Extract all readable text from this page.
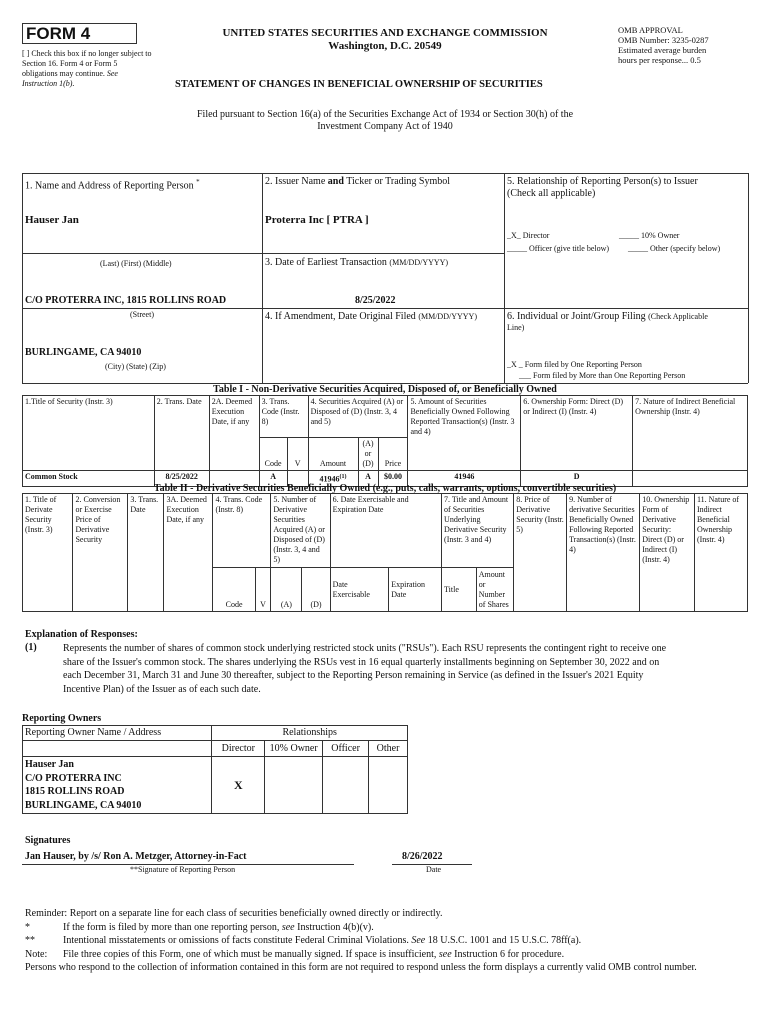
FORM 4
[ ] Check this box if no longer subject to Section 16. Form 4 or Form 5 obligations may continue. See Instruction 1(b).
UNITED STATES SECURITIES AND EXCHANGE COMMISSION
Washington, D.C. 20549
STATEMENT OF CHANGES IN BENEFICIAL OWNERSHIP OF SECURITIES
OMB APPROVAL
OMB Number: 3235-0287
Estimated average burden
hours per response... 0.5
Filed pursuant to Section 16(a) of the Securities Exchange Act of 1934 or Section 30(h) of the
Investment Company Act of 1940
1. Name and Address of Reporting Person *
Hauser Jan
(Last) (First) (Middle)
C/O PROTERRA INC, 1815 ROLLINS ROAD
(Street)
BURLINGAME, CA 94010
(City) (State) (Zip)
2. Issuer Name and Ticker or Trading Symbol
Proterra Inc [ PTRA ]
3. Date of Earliest Transaction (MM/DD/YYYY)
8/25/2022
4. If Amendment, Date Original Filed (MM/DD/YYYY)
5. Relationship of Reporting Person(s) to Issuer
(Check all applicable)
_X_ Director	_____ 10% Owner
_____ Officer (give title below) _____ Other (specify below)
6. Individual or Joint/Group Filing (Check Applicable
Line)
_X _ Form filed by One Reporting Person
___ Form filed by More than One Reporting Person
Table I - Non-Derivative Securities Acquired, Disposed of, or Beneficially Owned
1.Title of Security (Instr. 3)	2. Trans. Date	2A. Deemed Execution Date, if any	3. Trans. Code (Instr. 8)		4. Securities Acquired (A) or Disposed of (D) (Instr. 3, 4 and 5)			5. Amount of Securities Beneficially Owned Following Reported Transaction(s) (Instr. 3 and 4)	6. Ownership Form: Direct (D) or Indirect (I) (Instr. 4)	7. Nature of Indirect Beneficial Ownership (Instr. 4)
			Code	V	Amount	(A) or (D)	Price			
Common Stock	8/25/2022		A		41946$^{(1)}$	A	$0.00	41946	D	
Table II - Derivative Securities Beneficially Owned (e.g., puts, calls, warrants, options, convertible securities)
1. Title of Derivate Security (Instr. 3)	2. Conversion or Exercise Price of Derivative Security	3. Trans. Date	3A. Deemed Execution Date, if any	4. Trans. Code (Instr. 8)		5. Number of Derivative Securities Acquired (A) or Disposed of (D) (Instr. 3, 4 and 5)		6. Date Exercisable and Expiration Date		7. Title and Amount of Securities Underlying Derivative Security (Instr. 3 and 4)		8. Price of Derivative Security (Instr. 5)	9. Number of derivative Securities Beneficially Owned Following Reported Transaction(s) (Instr. 4)	10. Ownership Form of Derivative Security: Direct (D) or Indirect (I) (Instr. 4)	11. Nature of Indirect Beneficial Ownership (Instr. 4)
				Code	V	(A)	(D)	Date Exercisable	Expiration Date	Title	Amount or Number of Shares				
Explanation of Responses:
(1)	Represents the number of shares of common stock underlying restricted stock units ("RSUs"). Each RSU represents the contingent right to receive one
share of the Issuer's common stock. The shares underlying the RSUs vest in 16 equal quarterly installments beginning on September 30, 2022 and on
each December 31, March 31 and June 30 thereafter, subject to the Reporting Person remaining in Service (as defined in the Issuer's 2021 Equity
Incentive Plan) of the Issuer as of each such date.
Reporting Owners
Reporting Owner Name / Address	Relationships			
	Director	10% Owner	Officer	Other

Hauser Jan
C/O PROTERRA INC
1815 ROLLINS ROAD
BURLINGAME, CA 94010	X			
Signatures
Jan Hauser, by /s/ Ron A. Metzger, Attorney-in-Fact
**Signature of Reporting Person
8/26/2022
Date
Reminder: Report on a separate line for each class of securities beneficially owned directly or indirectly.
*	If the form is filed by more than one reporting person, see Instruction 4(b)(v).
**	Intentional misstatements or omissions of facts constitute Federal Criminal Violations. See 18 U.S.C. 1001 and 15 U.S.C. 78ff(a).
Note: File three copies of this Form, one of which must be manually signed. If space is insufficient, see Instruction 6 for procedure.
Persons who respond to the collection of information contained in this form are not required to respond unless the form displays a currently valid OMB control number.
